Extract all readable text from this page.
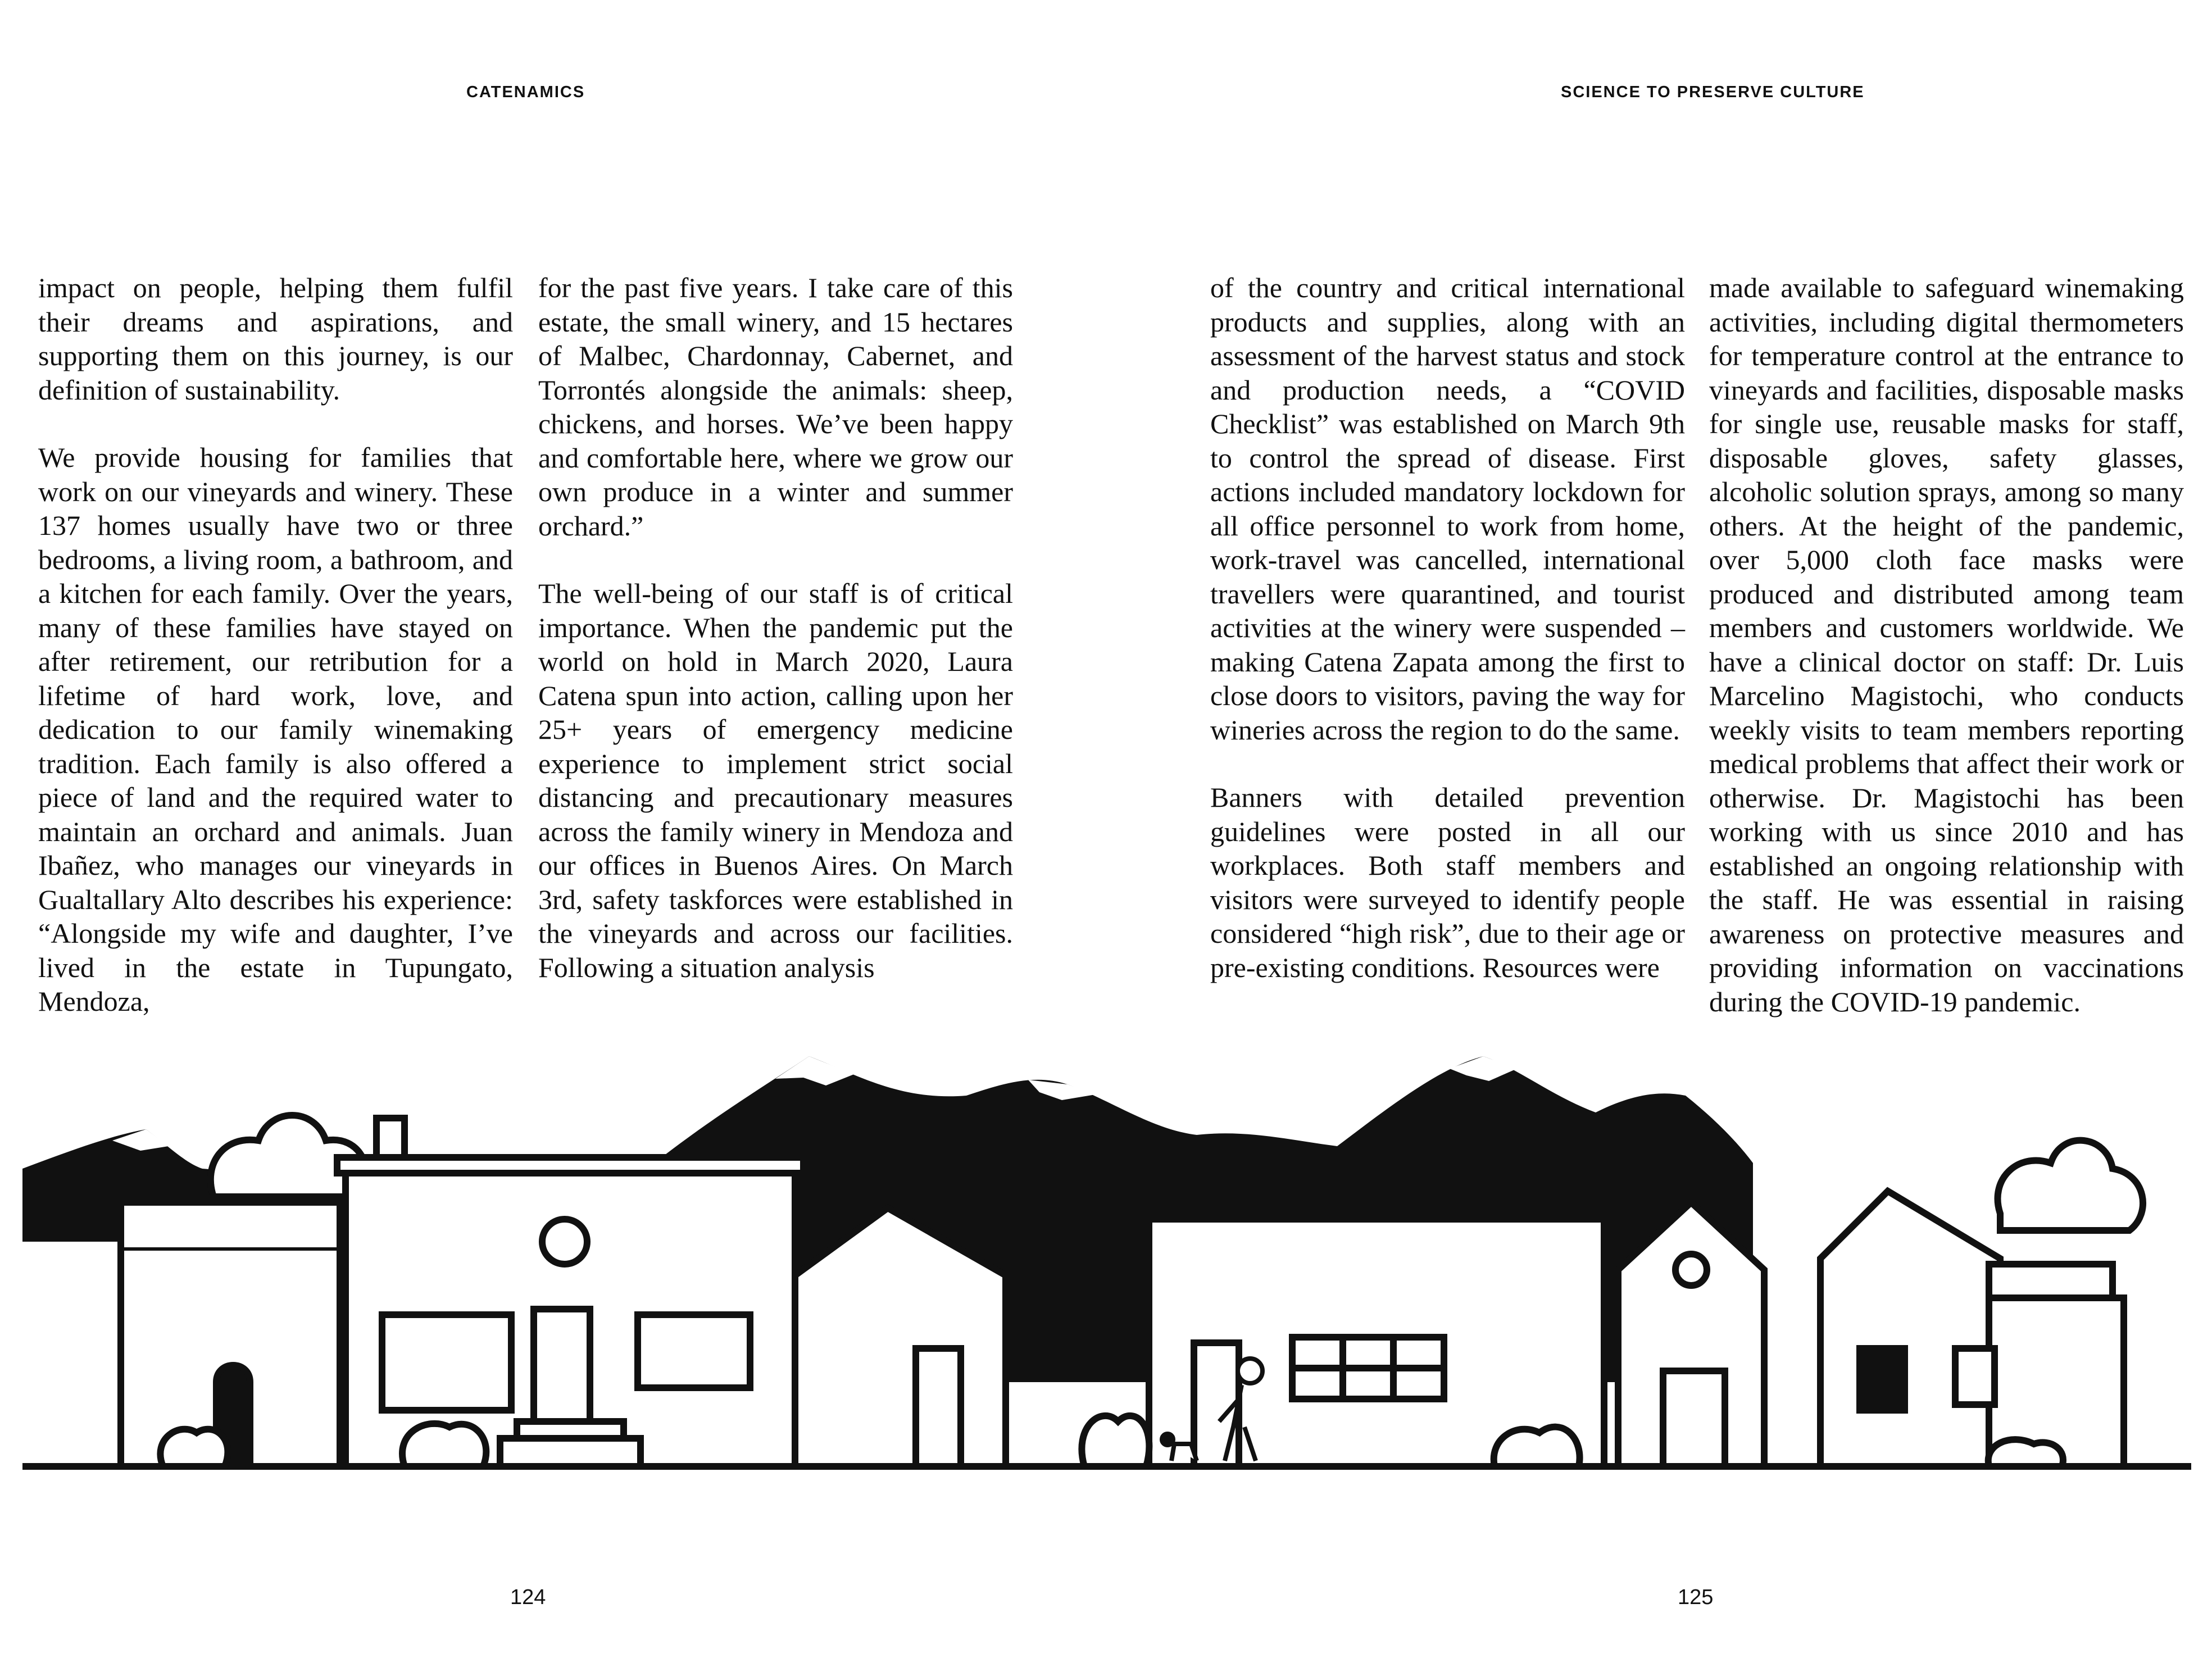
CATENAMICS

impact on people, helping them fulfil their dreams and aspirations, and supporting them on this journey, is our definition of sustainability.

We provide housing for families that work on our vineyards and winery. These 137 homes usually have two or three bedrooms, a living room, a bathroom, and a kitchen for each family. Over the years, many of these families have stayed on after retirement, our retribution for a lifetime of hard work, love, and dedication to our family winemaking tradition. Each family is also offered a piece of land and the required water to maintain an orchard and animals. Juan Ibañez, who manages our vineyards in Gualtallary Alto describes his experience: “Alongside my wife and daughter, I’ve lived in the estate in Tupungato, Mendoza,

for the past five years. I take care of this estate, the small winery, and 15 hectares of Malbec, Chardonnay, Cabernet, and Torrontés alongside the animals: sheep, chickens, and horses. We’ve been happy and comfortable here, where we grow our own produce in a winter and summer orchard.”

The well-being of our staff is of critical importance. When the pandemic put the world on hold in March 2020, Laura Catena spun into action, calling upon her 25+ years of emergency medicine experience to implement strict social distancing and precautionary measures across the family winery in Mendoza and our offices in Buenos Aires. On March 3rd, safety taskforces were established in the vineyards and across our facilities. Following a situation analysis

124
SCIENCE TO PRESERVE CULTURE

of the country and critical international products and supplies, along with an assessment of the harvest status and stock and production needs, a “COVID Checklist” was established on March 9th to control the spread of disease. First actions included mandatory lockdown for all office personnel to work from home, work-travel was cancelled, international travellers were quarantined, and tourist activities at the winery were suspended – making Catena Zapata among the first to close doors to visitors, paving the way for wineries across the region to do the same.

Banners with detailed prevention guidelines were posted in all our workplaces. Both staff members and visitors were surveyed to identify people considered “high risk”, due to their age or pre-existing conditions. Resources were

made available to safeguard winemaking activities, including digital thermometers for temperature control at the entrance to vineyards and facilities, disposable masks for single use, reusable masks for staff, disposable gloves, safety glasses, alcoholic solution sprays, among so many others. At the height of the pandemic, over 5,000 cloth face masks were produced and distributed among team members and customers worldwide. We have a clinical doctor on staff: Dr. Luis Marcelino Magistochi, who conducts weekly visits to team members reporting medical problems that affect their work or otherwise. Dr. Magistochi has been working with us since 2010 and has established an ongoing relationship with the staff. He was essential in raising awareness on protective measures and providing information on vaccinations during the COVID-19 pandemic.

125
